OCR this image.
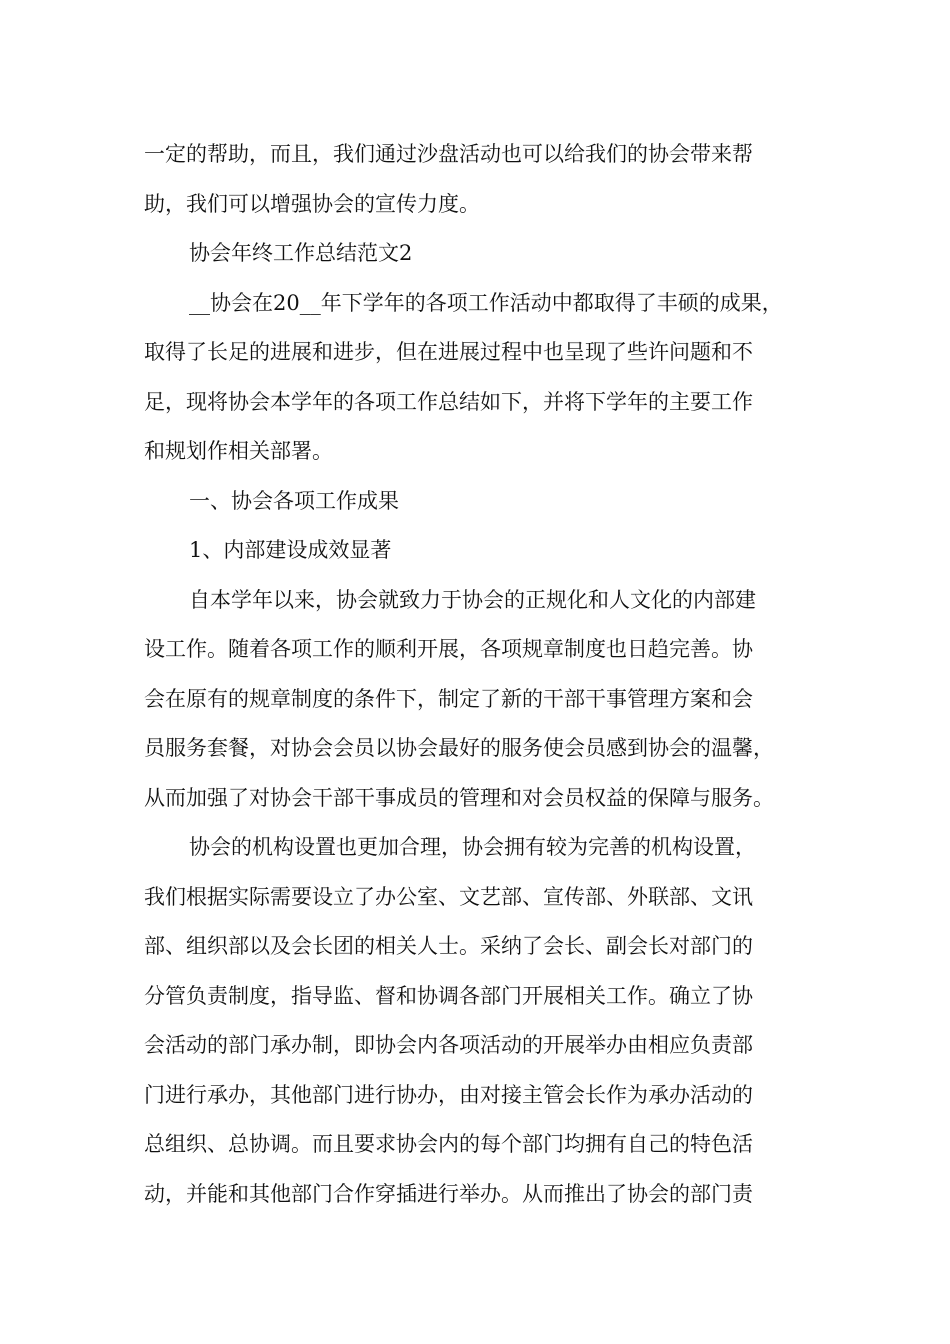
一定的帮助，而且，我们通过沙盘活动也可以给我们的协会带来帮
助，我们可以增强协会的宣传力度。
协会年终工作总结范文2
__协会在20__年下学年的各项工作活动中都取得了丰硕的成果，
取得了长足的进展和进步，但在进展过程中也呈现了些许问题和不
足，现将协会本学年的各项工作总结如下，并将下学年的主要工作
和规划作相关部署。
一、协会各项工作成果
1、内部建设成效显著
自本学年以来，协会就致力于协会的正规化和人文化的内部建
设工作。随着各项工作的顺利开展，各项规章制度也日趋完善。协
会在原有的规章制度的条件下，制定了新的干部干事管理方案和会
员服务套餐，对协会会员以协会最好的服务使会员感到协会的温馨，
从而加强了对协会干部干事成员的管理和对会员权益的保障与服务。
协会的机构设置也更加合理，协会拥有较为完善的机构设置，
我们根据实际需要设立了办公室、文艺部、宣传部、外联部、文讯
部、组织部以及会长团的相关人士。采纳了会长、副会长对部门的
分管负责制度，指导监、督和协调各部门开展相关工作。确立了协
会活动的部门承办制，即协会内各项活动的开展举办由相应负责部
门进行承办，其他部门进行协办，由对接主管会长作为承办活动的
总组织、总协调。而且要求协会内的每个部门均拥有自己的特色活
动，并能和其他部门合作穿插进行举办。从而推出了协会的部门责
